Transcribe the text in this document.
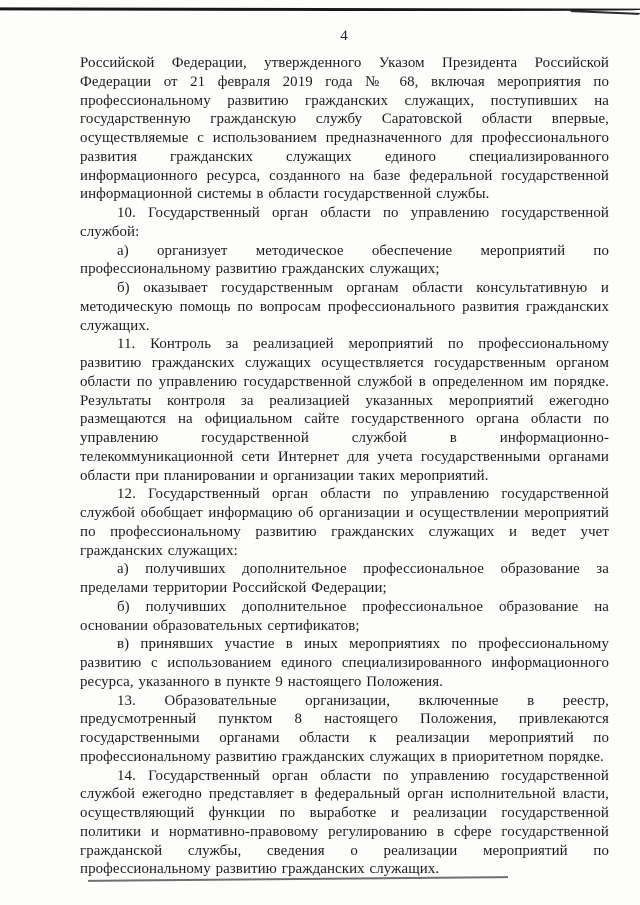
4

Российской Федерации, утвержденного Указом Президента Российской Федерации от 21 февраля 2019 года № 68, включая мероприятия по профессиональному развитию гражданских служащих, поступивших на государственную гражданскую службу Саратовской области впервые, осуществляемые с использованием предназначенного для профессионального развития гражданских служащих единого специализированного информационного ресурса, созданного на базе федеральной государственной информационной системы в области государственной службы.

10. Государственный орган области по управлению государственной службой:

а) организует методическое обеспечение мероприятий по профессиональному развитию гражданских служащих;

б) оказывает государственным органам области консультативную и методическую помощь по вопросам профессионального развития гражданских служащих.

11. Контроль за реализацией мероприятий по профессиональному развитию гражданских служащих осуществляется государственным органом области по управлению государственной службой в определенном им порядке. Результаты контроля за реализацией указанных мероприятий ежегодно размещаются на официальном сайте государственного органа области по управлению государственной службой в информационно-телекоммуникационной сети Интернет для учета государственными органами области при планировании и организации таких мероприятий.

12. Государственный орган области по управлению государственной службой обобщает информацию об организации и осуществлении мероприятий по профессиональному развитию гражданских служащих и ведет учет гражданских служащих:

а) получивших дополнительное профессиональное образование за пределами территории Российской Федерации;

б) получивших дополнительное профессиональное образование на основании образовательных сертификатов;

в) принявших участие в иных мероприятиях по профессиональному развитию с использованием единого специализированного информационного ресурса, указанного в пункте 9 настоящего Положения.

13. Образовательные организации, включенные в реестр, предусмотренный пунктом 8 настоящего Положения, привлекаются государственными органами области к реализации мероприятий по профессиональному развитию гражданских служащих в приоритетном порядке.

14. Государственный орган области по управлению государственной службой ежегодно представляет в федеральный орган исполнительной власти, осуществляющий функции по выработке и реализации государственной политики и нормативно-правовому регулированию в сфере государственной гражданской службы, сведения о реализации мероприятий по профессиональному развитию гражданских служащих.
